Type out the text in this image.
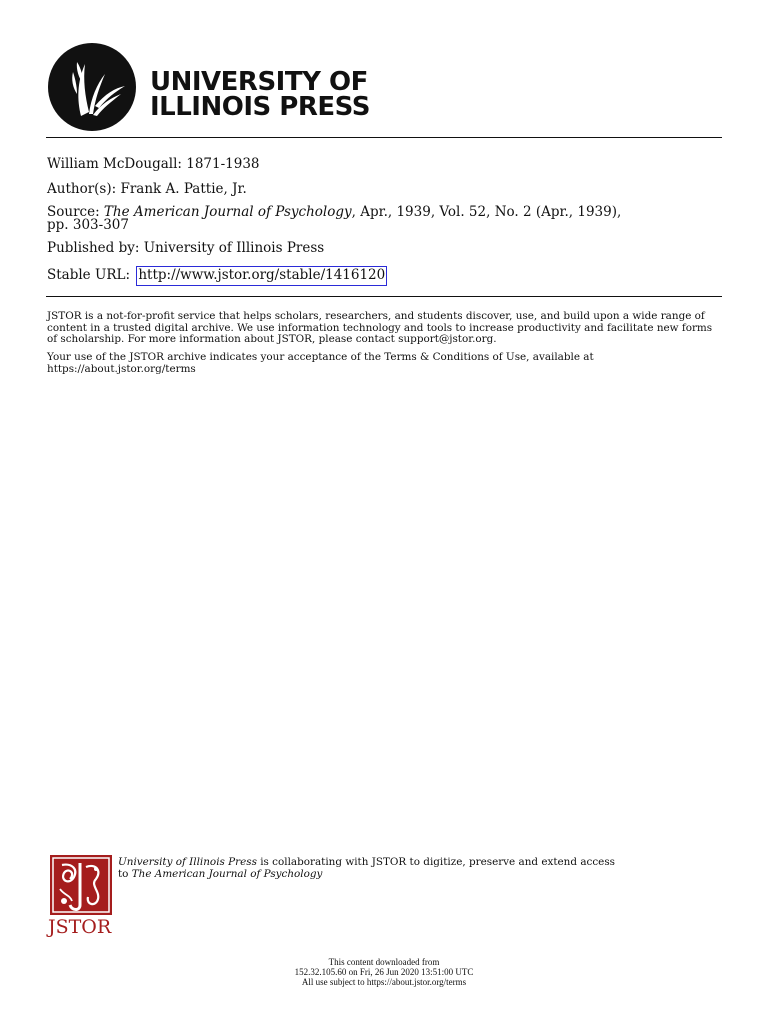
UNIVERSITY OF
ILLINOIS PRESS
William McDougall: 1871-1938
Author(s): Frank A. Pattie, Jr.
Source: The American Journal of Psychology, Apr., 1939, Vol. 52, No. 2 (Apr., 1939),
pp. 303-307
Published by: University of Illinois Press
Stable URL: http://www.jstor.org/stable/1416120
JSTOR is a not-for-profit service that helps scholars, researchers, and students discover, use, and build upon a wide range of content in a trusted digital archive. We use information technology and tools to increase productivity and facilitate new forms of scholarship. For more information about JSTOR, please contact support@jstor.org.
Your use of the JSTOR archive indicates your acceptance of the Terms & Conditions of Use, available at https://about.jstor.org/terms
JSTOR
University of Illinois Press is collaborating with JSTOR to digitize, preserve and extend access
to The American Journal of Psychology
This content downloaded from
152.32.105.60 on Fri, 26 Jun 2020 13:51:00 UTC
All use subject to https://about.jstor.org/terms
